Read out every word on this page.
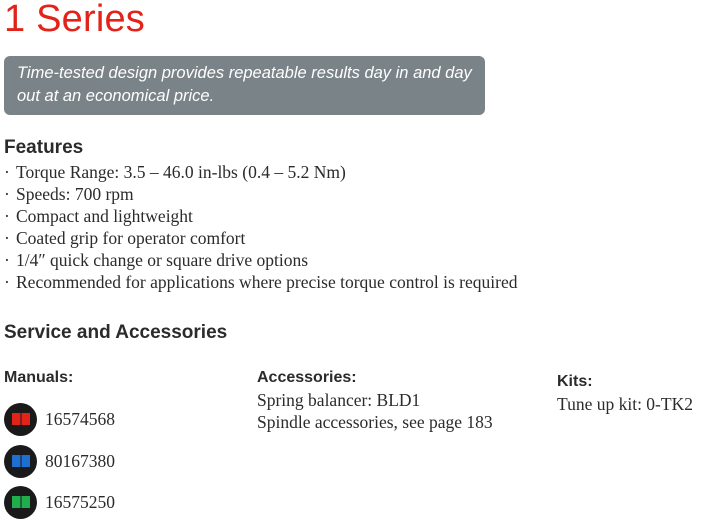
1 Series
Time-tested design provides repeatable results day in and day out at an economical price.
Features
· Torque Range: 3.5 – 46.0 in-lbs (0.4 – 5.2 Nm)
· Speeds: 700 rpm
· Compact and lightweight
· Coated grip for operator comfort
· 1/4″ quick change or square drive options
· Recommended for applications where precise torque control is required
Service and Accessories
Manuals:
16574568
80167380
16575250
Accessories:
Spring balancer: BLD1
Spindle accessories, see page 183
Kits:
Tune up kit: 0-TK2
